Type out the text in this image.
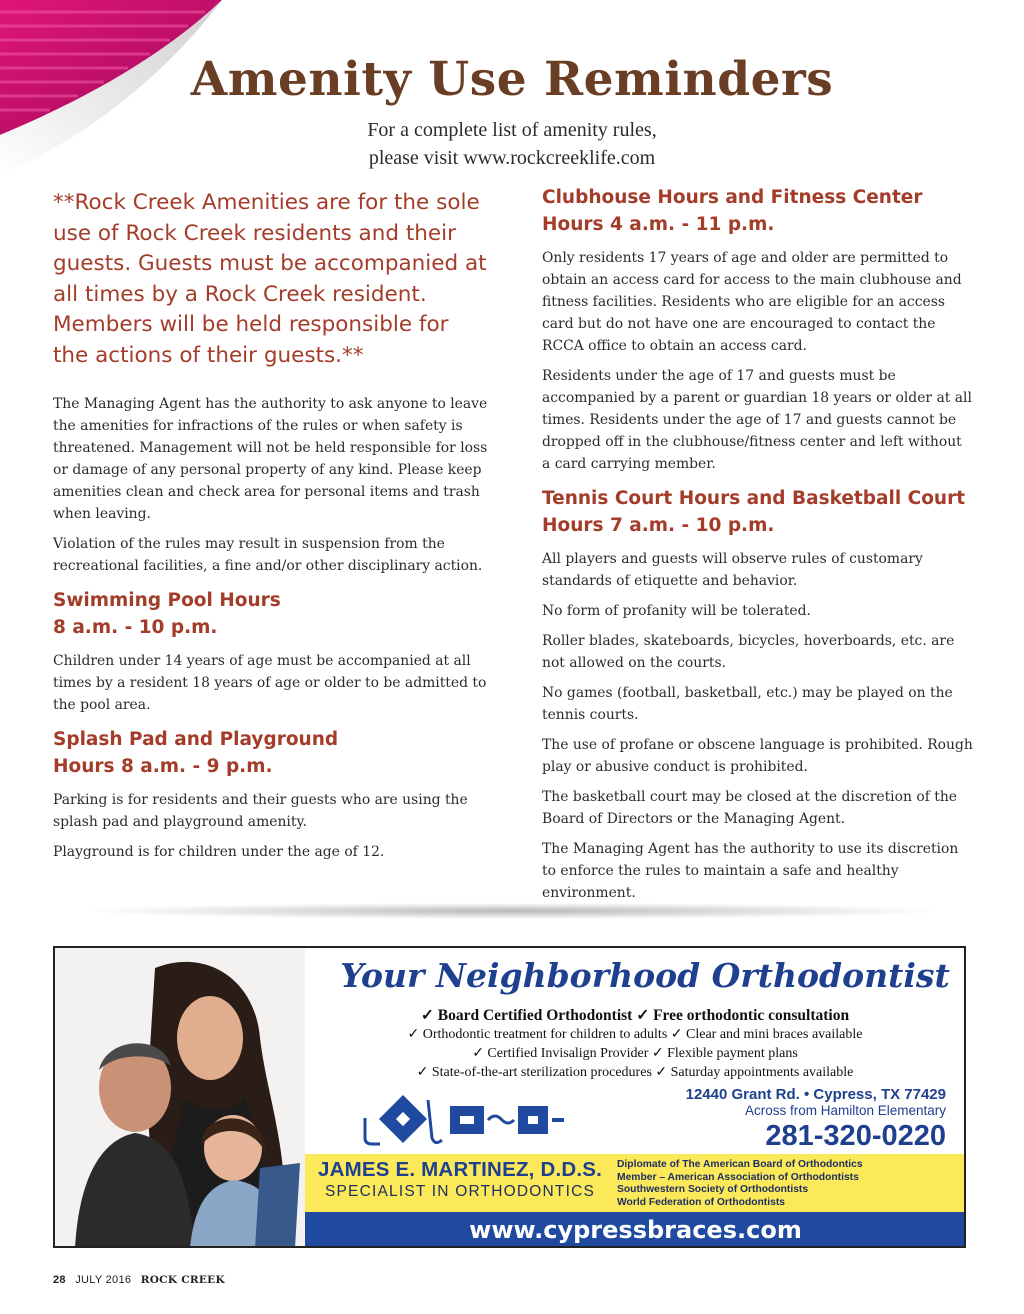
Amenity Use Reminders
For a complete list of amenity rules,
please visit www.rockcreeklife.com

**Rock Creek Amenities are for the sole use of Rock Creek residents and their guests. Guests must be accompanied at all times by a Rock Creek resident. Members will be held responsible for the actions of their guests.**

The Managing Agent has the authority to ask anyone to leave the amenities for infractions of the rules or when safety is threatened. Management will not be held responsible for loss or damage of any personal property of any kind. Please keep amenities clean and check area for personal items and trash when leaving.

Violation of the rules may result in suspension from the recreational facilities, a fine and/or other disciplinary action.

Swimming Pool Hours
8 a.m. - 10 p.m.

Children under 14 years of age must be accompanied at all times by a resident 18 years of age or older to be admitted to the pool area.

Splash Pad and Playground
Hours 8 a.m. - 9 p.m.

Parking is for residents and their guests who are using the splash pad and playground amenity.

Playground is for children under the age of 12.

Clubhouse Hours and Fitness Center
Hours 4 a.m. - 11 p.m.

Only residents 17 years of age and older are permitted to obtain an access card for access to the main clubhouse and fitness facilities. Residents who are eligible for an access card but do not have one are encouraged to contact the RCCA office to obtain an access card.

Residents under the age of 17 and guests must be accompanied by a parent or guardian 18 years or older at all times. Residents under the age of 17 and guests cannot be dropped off in the clubhouse/fitness center and left without a card carrying member.

Tennis Court Hours and Basketball Court
Hours 7 a.m. - 10 p.m.

All players and guests will observe rules of customary standards of etiquette and behavior.

No form of profanity will be tolerated.

Roller blades, skateboards, bicycles, hoverboards, etc. are not allowed on the courts.

No games (football, basketball, etc.) may be played on the tennis courts.

The use of profane or obscene language is prohibited. Rough play or abusive conduct is prohibited.

The basketball court may be closed at the discretion of the Board of Directors or the Managing Agent.

The Managing Agent has the authority to use its discretion to enforce the rules to maintain a safe and healthy environment.

Your Neighborhood Orthodontist
✓ Board Certified Orthodontist ✓ Free orthodontic consultation
✓ Orthodontic treatment for children to adults ✓ Clear and mini braces available
✓ Certified Invisalign Provider ✓ Flexible payment plans
✓ State-of-the-art sterilization procedures ✓ Saturday appointments available
12440 Grant Rd. • Cypress, TX 77429
Across from Hamilton Elementary
281-320-0220
JAMES E. MARTINEZ, D.D.S.
SPECIALIST IN ORTHODONTICS
Diplomate of The American Board of Orthodontics
Member – American Association of Orthodontists
Southwestern Society of Orthodontists
World Federation of Orthodontists
www.cypressbraces.com
28 JULY 2016 ROCK CREEK
